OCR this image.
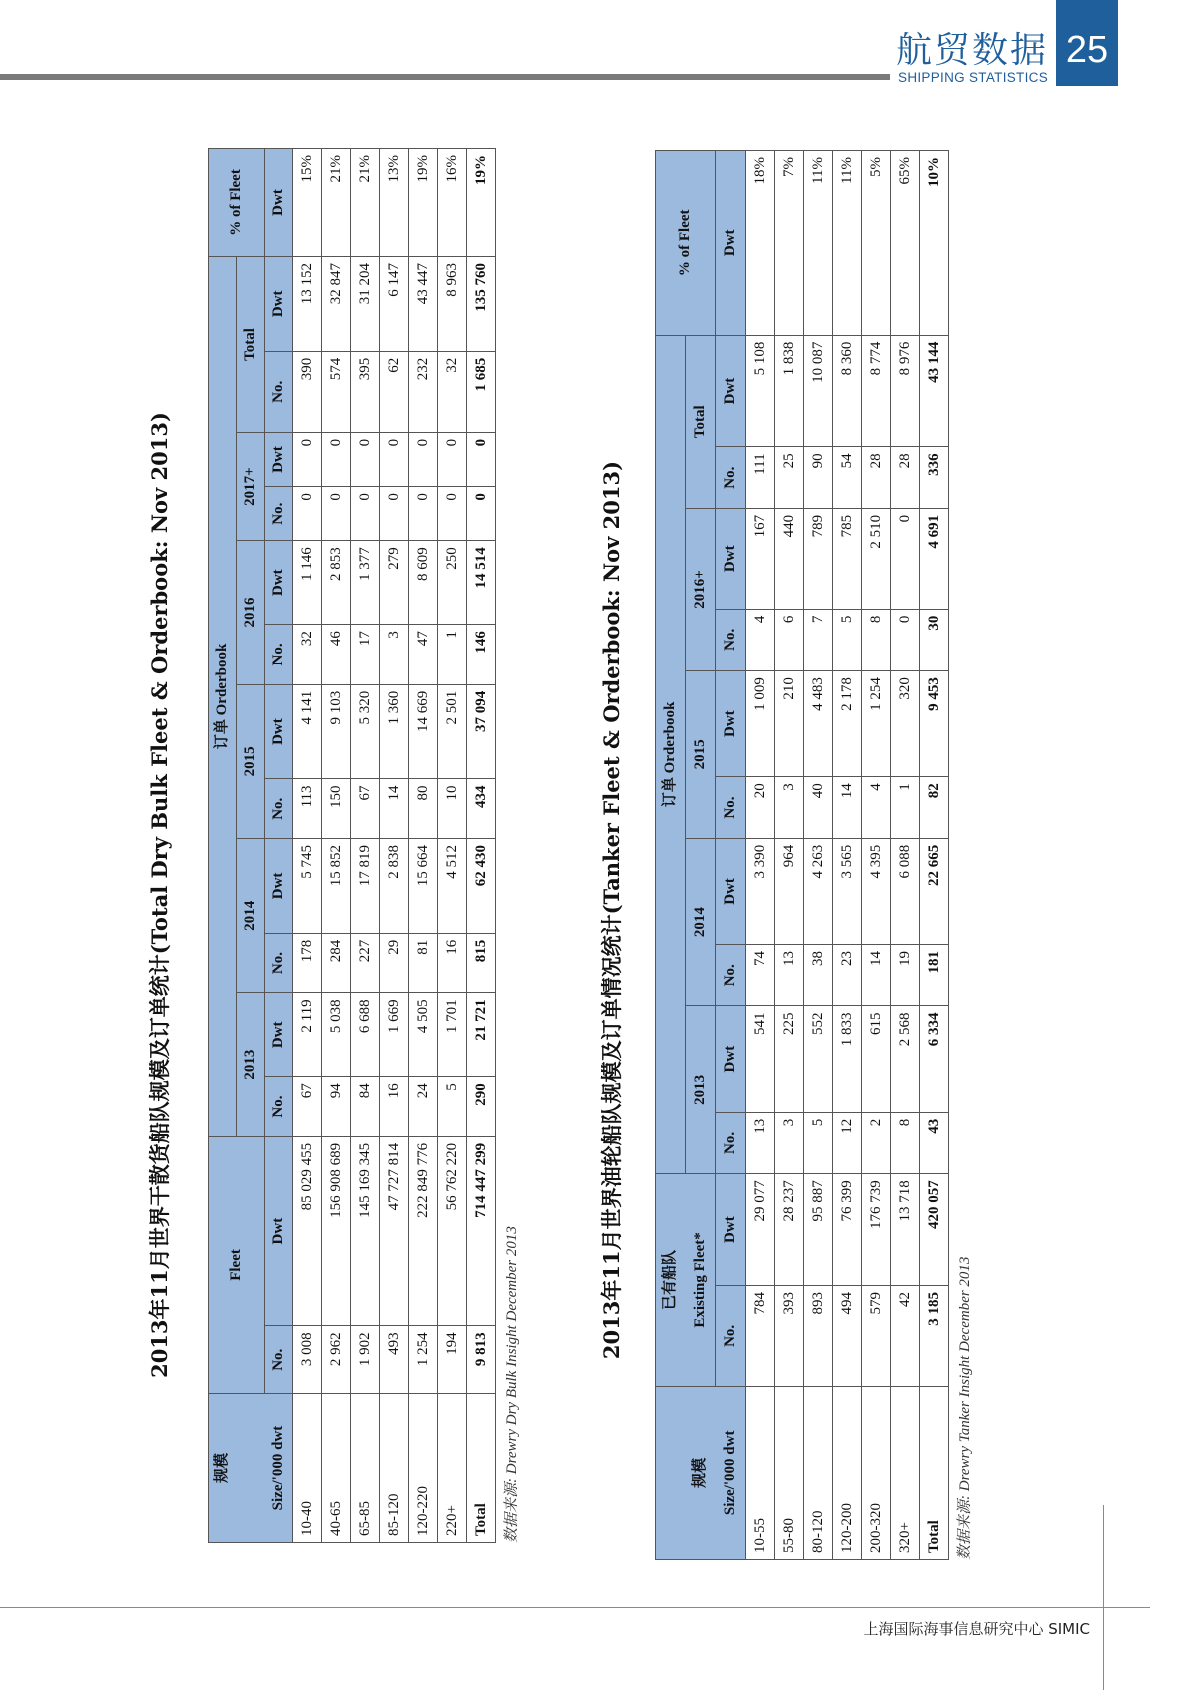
航贸数据
SHIPPING STATISTICS
25
2013年11月世界干散货船队规模及订单统计(Total Dry Bulk Fleet & Orderbook: Nov 2013)
规模	Fleet		订单 Orderbook												% of Fleet
			2013		2014		2015		2016		2017+		Total		
Size/'000 dwt	No.	Dwt	No.	Dwt	No.	Dwt	No.	Dwt	No.	Dwt	No.	Dwt	No.	Dwt	Dwt
10-40	3 008	85 029 455	67	2 119	178	5 745	113	4 141	32	1 146	0	0	390	13 152	15%
40-65	2 962	156 908 689	94	5 038	284	15 852	150	9 103	46	2 853	0	0	574	32 847	21%
65-85	1 902	145 169 345	84	6 688	227	17 819	67	5 320	17	1 377	0	0	395	31 204	21%
85-120	493	47 727 814	16	1 669	29	2 838	14	1 360	3	279	0	0	62	6 147	13%
120-220	1 254	222 849 776	24	4 505	81	15 664	80	14 669	47	8 609	0	0	232	43 447	19%
220+	194	56 762 220	5	1 701	16	4 512	10	2 501	1	250	0	0	32	8 963	16%
Total	9 813	714 447 299	290	21 721	815	62 430	434	37 094	146	14 514	0	0	1 685	135 760	19%
数据来源: Drewry Dry Bulk Insight December 2013
2013年11月世界油轮船队规模及订单情况统计(Tanker Fleet & Orderbook: Nov 2013)
		已有船队		订单 Orderbook										% of Fleet
规模	Existing Fleet*		2013		2014		2015		2016+		Total		
Size/'000 dwt	No.	Dwt	No.	Dwt	No.	Dwt	No.	Dwt	No.	Dwt	No.	Dwt	Dwt
10-55	784	29 077	13	541	74	3 390	20	1 009	4	167	111	5 108	18%
55-80	393	28 237	3	225	13	964	3	210	6	440	25	1 838	7%
80-120	893	95 887	5	552	38	4 263	40	4 483	7	789	90	10 087	11%
120-200	494	76 399	12	1 833	23	3 565	14	2 178	5	785	54	8 360	11%
200-320	579	176 739	2	615	14	4 395	4	1 254	8	2 510	28	8 774	5%
320+	42	13 718	8	2 568	19	6 088	1	320	0	0	28	8 976	65%
Total	3 185	420 057	43	6 334	181	22 665	82	9 453	30	4 691	336	43 144	10%
数据来源: Drewry Tanker Insight December 2013
上海国际海事信息研究中心 SIMIC
